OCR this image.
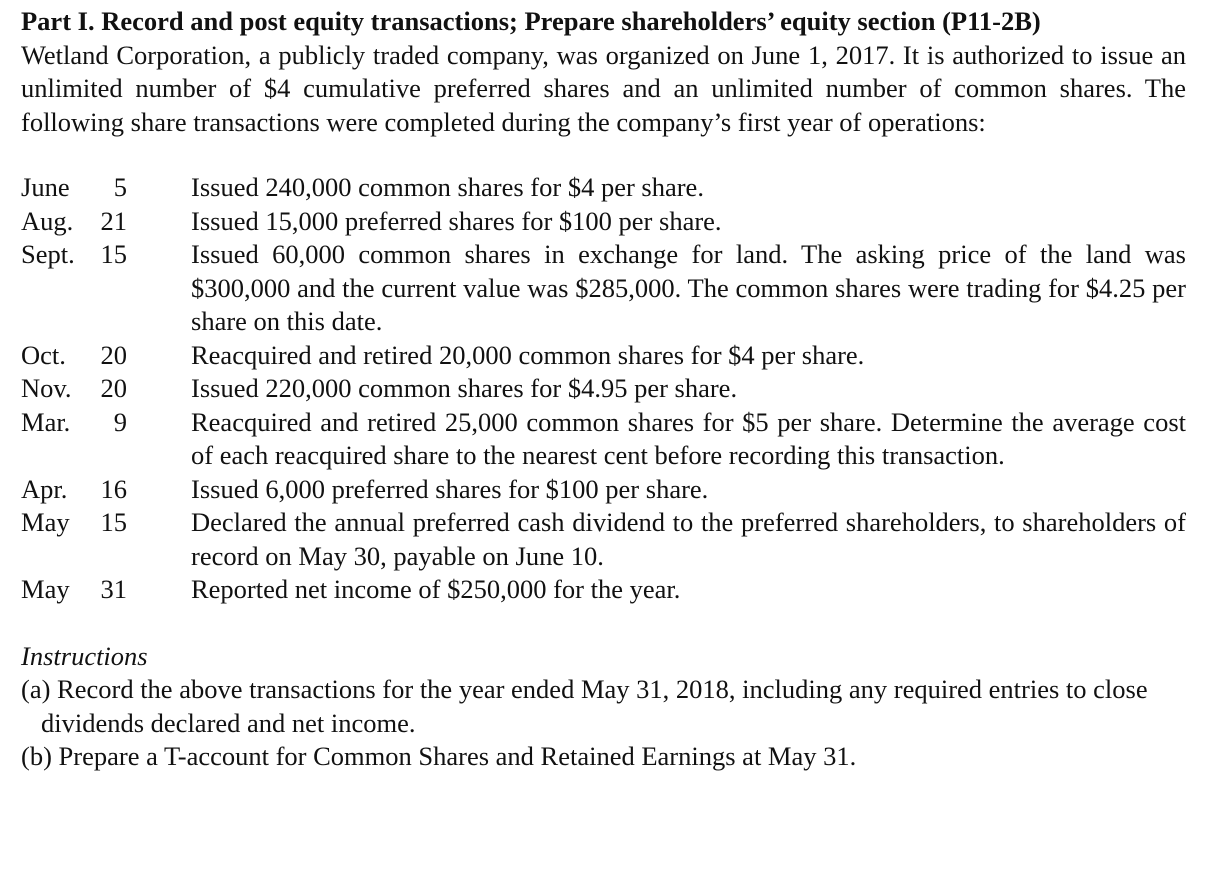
Part I. Record and post equity transactions; Prepare shareholders’ equity section (P11-2B)

Wetland Corporation, a publicly traded company, was organized on June 1, 2017. It is authorized to issue an unlimited number of $4 cumulative preferred shares and an unlimited number of common shares. The following share transactions were completed during the company’s first year of operations:

June	5 Issued 240,000 common shares for $4 per share.
Aug.	21 Issued 15,000 preferred shares for $100 per share.
Sept. 15 Issued 60,000 common shares in exchange for land. The asking price of the land was $300,000 and the current value was $285,000. The common shares were trading for $4.25 per share on this date.
Oct.	20 Reacquired and retired 20,000 common shares for $4 per share.
Nov.	20 Issued 220,000 common shares for $4.95 per share.
Mar.	9 Reacquired and retired 25,000 common shares for $5 per share. Determine the average cost of each reacquired share to the nearest cent before recording this transaction.
Apr.	16 Issued 6,000 preferred shares for $100 per share.
May	15 Declared the annual preferred cash dividend to the preferred shareholders, to shareholders of record on May 30, payable on June 10.
May	31 Reported net income of $250,000 for the year.
Instructions
(a) Record the above transactions for the year ended May 31, 2018, including any required entries to close dividends declared and net income.
(b) Prepare a T-account for Common Shares and Retained Earnings at May 31.
